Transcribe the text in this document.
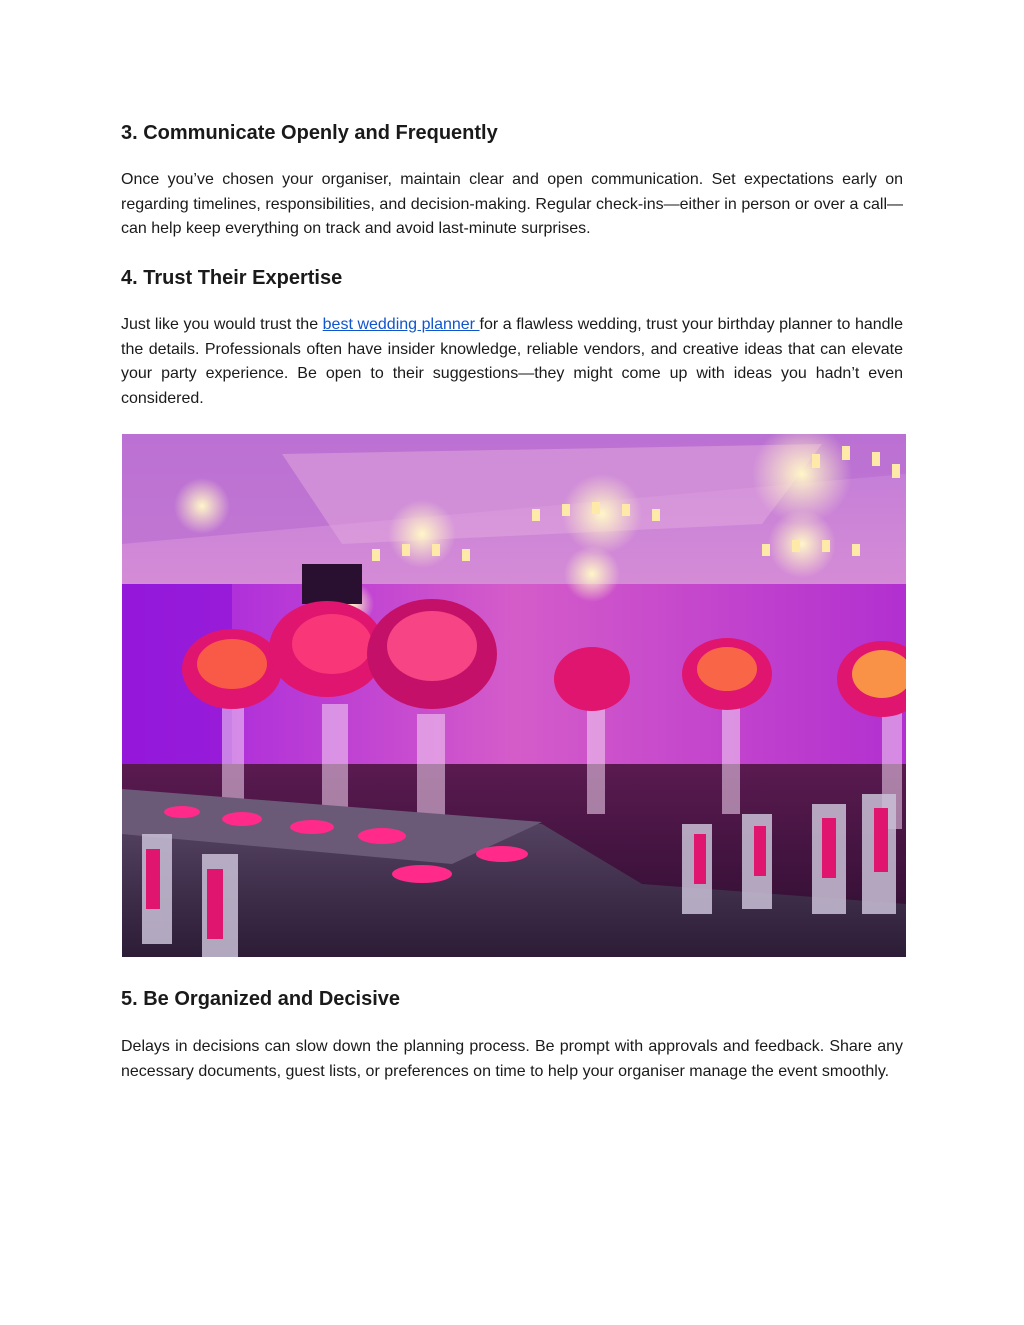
3. Communicate Openly and Frequently

Once you’ve chosen your organiser, maintain clear and open communication. Set expectations early on regarding timelines, responsibilities, and decision-making. Regular check-ins—either in person or over a call—can help keep everything on track and avoid last-minute surprises.

4. Trust Their Expertise

Just like you would trust the best wedding planner for a flawless wedding, trust your birthday planner to handle the details. Professionals often have insider knowledge, reliable vendors, and creative ideas that can elevate your party experience. Be open to their suggestions—they might come up with ideas you hadn’t even considered.

5. Be Organized and Decisive

Delays in decisions can slow down the planning process. Be prompt with approvals and feedback. Share any necessary documents, guest lists, or preferences on time to help your organiser manage the event smoothly.
